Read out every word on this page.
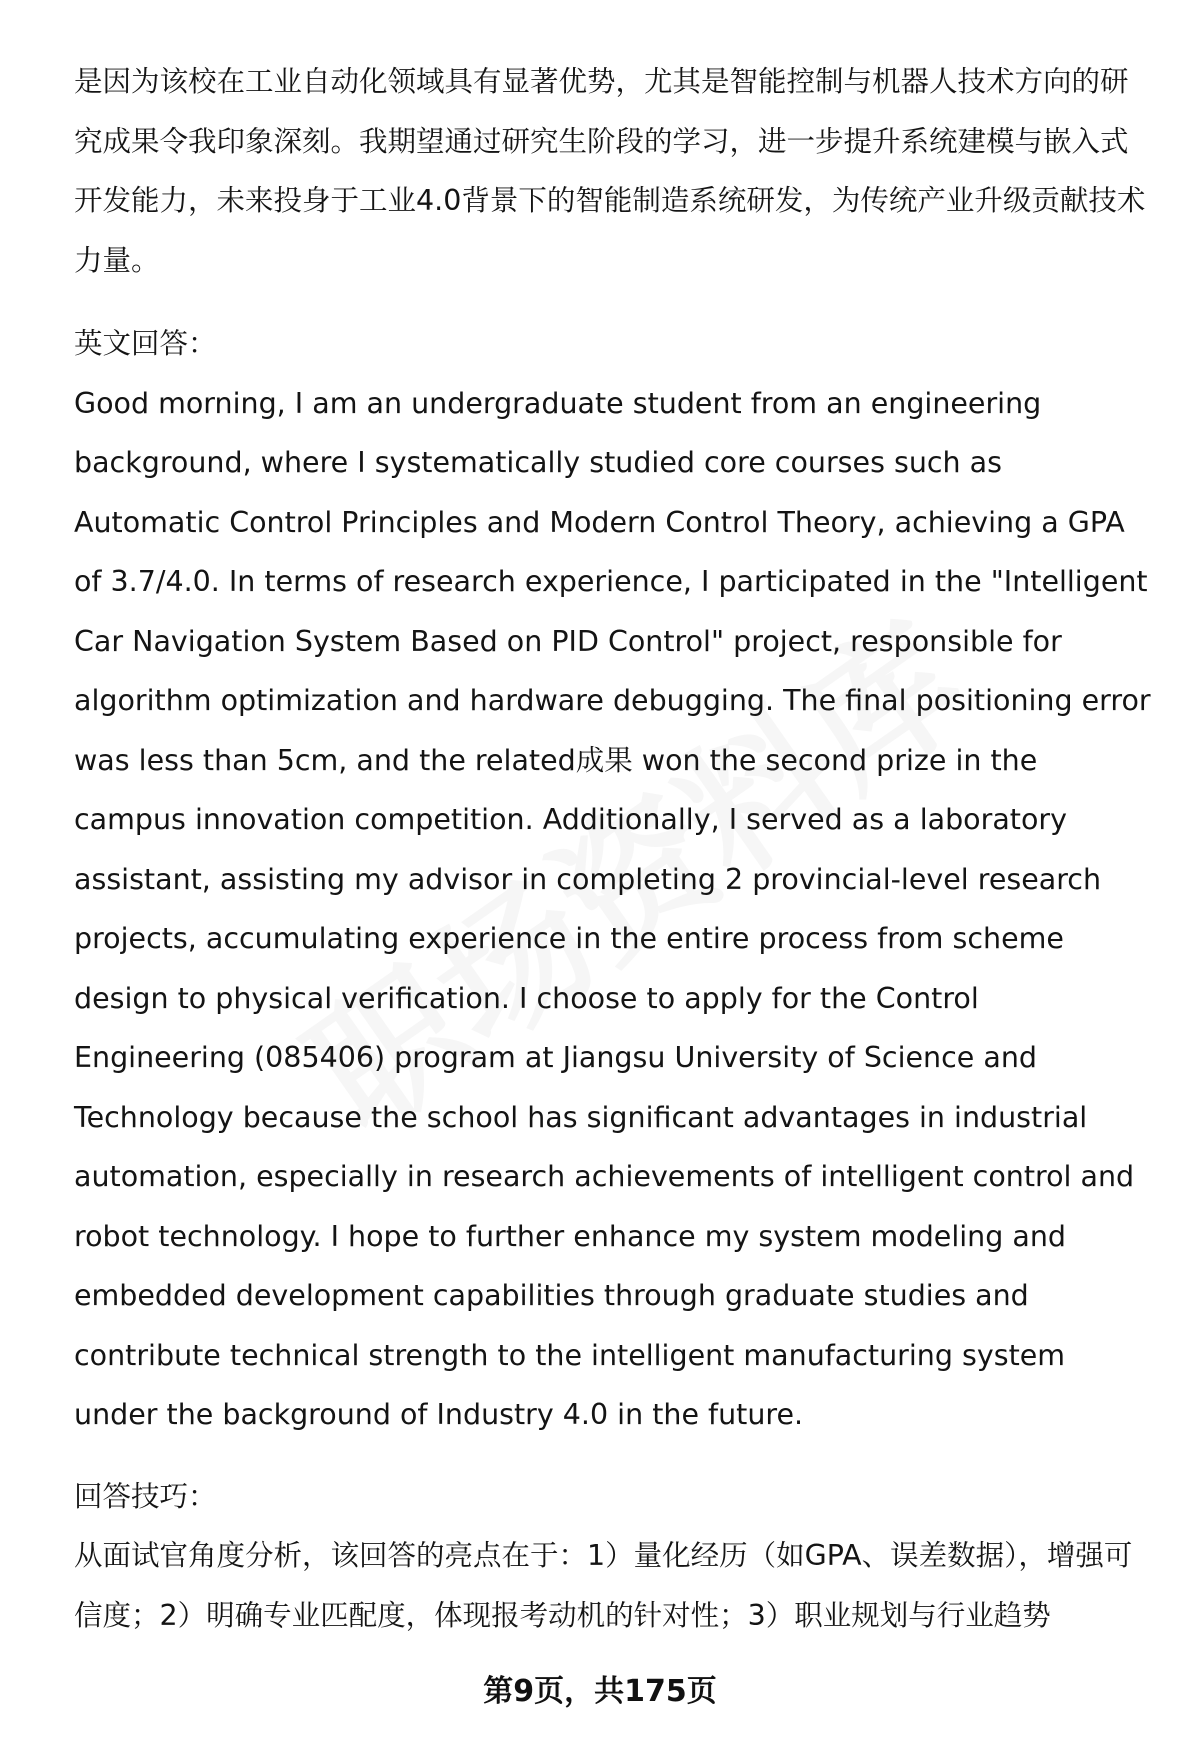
是因为该校在工业自动化领域具有显著优势，尤其是智能控制与机器人技术方向的研究成果令我印象深刻。我期望通过研究生阶段的学习，进一步提升系统建模与嵌入式开发能力，未来投身于工业4.0背景下的智能制造系统研发，为传统产业升级贡献技术力量。

英文回答：

Good morning, I am an undergraduate student from an engineering background, where I systematically studied core courses such as Automatic Control Principles and Modern Control Theory, achieving a GPA of 3.7/4.0. In terms of research experience, I participated in the "Intelligent Car Navigation System Based on PID Control" project, responsible for algorithm optimization and hardware debugging. The final positioning error was less than 5cm, and the related成果 won the second prize in the campus innovation competition. Additionally, I served as a laboratory assistant, assisting my advisor in completing 2 provincial-level research projects, accumulating experience in the entire process from scheme design to physical verification. I choose to apply for the Control Engineering (085406) program at Jiangsu University of Science and Technology because the school has significant advantages in industrial automation, especially in research achievements of intelligent control and robot technology. I hope to further enhance my system modeling and embedded development capabilities through graduate studies and contribute technical strength to the intelligent manufacturing system under the background of Industry 4.0 in the future.

回答技巧：

从面试官角度分析，该回答的亮点在于：1）量化经历（如GPA、误差数据），增强可信度；2）明确专业匹配度，体现报考动机的针对性；3）职业规划与行业趋势

第9页，共175页
